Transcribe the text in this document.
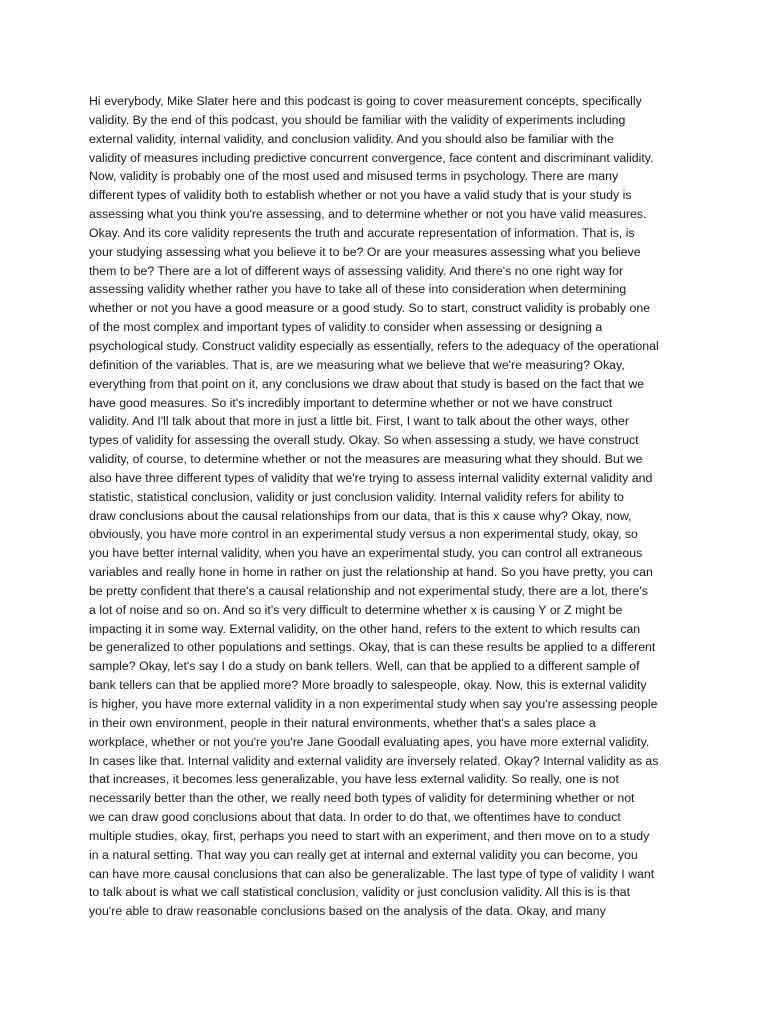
Hi everybody, Mike Slater here and this podcast is going to cover measurement concepts, specifically
validity. By the end of this podcast, you should be familiar with the validity of experiments including
external validity, internal validity, and conclusion validity. And you should also be familiar with the
validity of measures including predictive concurrent convergence, face content and discriminant validity.
Now, validity is probably one of the most used and misused terms in psychology. There are many
different types of validity both to establish whether or not you have a valid study that is your study is
assessing what you think you're assessing, and to determine whether or not you have valid measures.
Okay. And its core validity represents the truth and accurate representation of information. That is, is
your studying assessing what you believe it to be? Or are your measures assessing what you believe
them to be? There are a lot of different ways of assessing validity. And there's no one right way for
assessing validity whether rather you have to take all of these into consideration when determining
whether or not you have a good measure or a good study. So to start, construct validity is probably one
of the most complex and important types of validity to consider when assessing or designing a
psychological study. Construct validity especially as essentially, refers to the adequacy of the operational
definition of the variables. That is, are we measuring what we believe that we're measuring? Okay,
everything from that point on it, any conclusions we draw about that study is based on the fact that we
have good measures. So it's incredibly important to determine whether or not we have construct
validity. And I'll talk about that more in just a little bit. First, I want to talk about the other ways, other
types of validity for assessing the overall study. Okay. So when assessing a study, we have construct
validity, of course, to determine whether or not the measures are measuring what they should. But we
also have three different types of validity that we're trying to assess internal validity external validity and
statistic, statistical conclusion, validity or just conclusion validity. Internal validity refers for ability to
draw conclusions about the causal relationships from our data, that is this x cause why? Okay, now,
obviously, you have more control in an experimental study versus a non experimental study, okay, so
you have better internal validity, when you have an experimental study, you can control all extraneous
variables and really hone in home in rather on just the relationship at hand. So you have pretty, you can
be pretty confident that there's a causal relationship and not experimental study, there are a lot, there's
a lot of noise and so on. And so it's very difficult to determine whether x is causing Y or Z might be
impacting it in some way. External validity, on the other hand, refers to the extent to which results can
be generalized to other populations and settings. Okay, that is can these results be applied to a different
sample? Okay, let's say I do a study on bank tellers. Well, can that be applied to a different sample of
bank tellers can that be applied more? More broadly to salespeople, okay. Now, this is external validity
is higher, you have more external validity in a non experimental study when say you're assessing people
in their own environment, people in their natural environments, whether that's a sales place a
workplace, whether or not you're you're Jane Goodall evaluating apes, you have more external validity.
In cases like that. Internal validity and external validity are inversely related. Okay? Internal validity as as
that increases, it becomes less generalizable, you have less external validity. So really, one is not
necessarily better than the other, we really need both types of validity for determining whether or not
we can draw good conclusions about that data. In order to do that, we oftentimes have to conduct
multiple studies, okay, first, perhaps you need to start with an experiment, and then move on to a study
in a natural setting. That way you can really get at internal and external validity you can become, you
can have more causal conclusions that can also be generalizable. The last type of type of validity I want
to talk about is what we call statistical conclusion, validity or just conclusion validity. All this is is that
you're able to draw reasonable conclusions based on the analysis of the data. Okay, and many
